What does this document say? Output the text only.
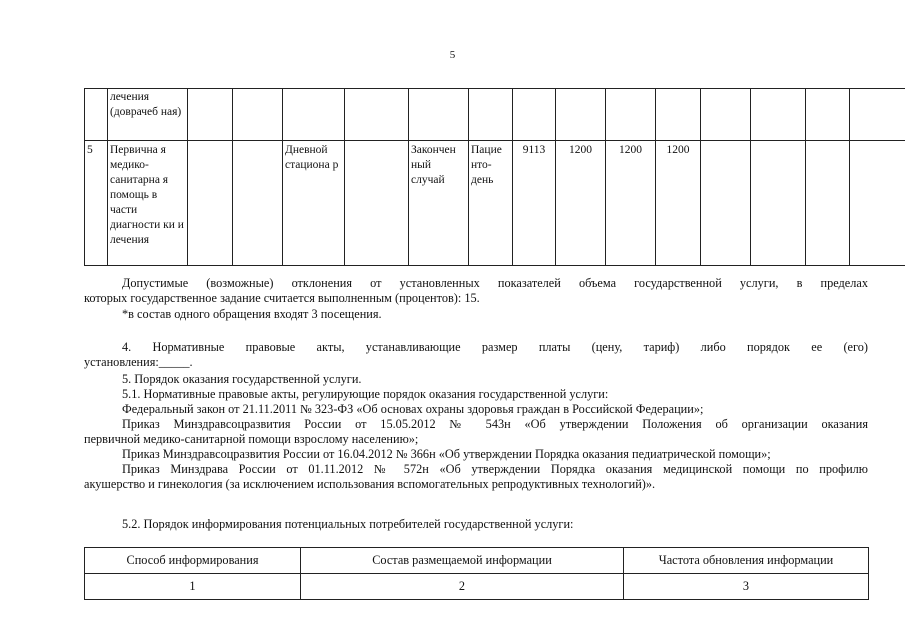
5
	лечения (доврачеб ная)														
5	Первична я медико-санитарна я помощь в части диагности ки и лечения			Дневной стациона р		Закончен ный случай	Пацие нто-день	9113	1200	1200	1200				

Допустимые (возможные) отклонения от установленных показателей объема государственной услуги, в пределах

которых государственное задание считается выполненным (процентов): 15.

*в состав одного обращения входят 3 посещения.

4. Нормативные правовые акты, устанавливающие размер платы (цену, тариф) либо порядок ее (его)

установления:_____.

5. Порядок оказания государственной услуги.

5.1. Нормативные правовые акты, регулирующие порядок оказания государственной услуги:

Федеральный закон от 21.11.2011 № 323-ФЗ «Об основах охраны здоровья граждан в Российской Федерации»;

Приказ Минздравсоцразвития России от 15.05.2012 № 543н «Об утверждении Положения об организации оказания

первичной медико-санитарной помощи взрослому населению»;

Приказ Минздравсоцразвития России от 16.04.2012 № 366н «Об утверждении Порядка оказания педиатрической помощи»;

Приказ Минздрава России от 01.11.2012 № 572н «Об утверждении Порядка оказания медицинской помощи по профилю

акушерство и гинекология (за исключением использования вспомогательных репродуктивных технологий)».

5.2. Порядок информирования потенциальных потребителей государственной услуги:

Способ информирования	Состав размещаемой информации	Частота обновления информации
1	2	3
